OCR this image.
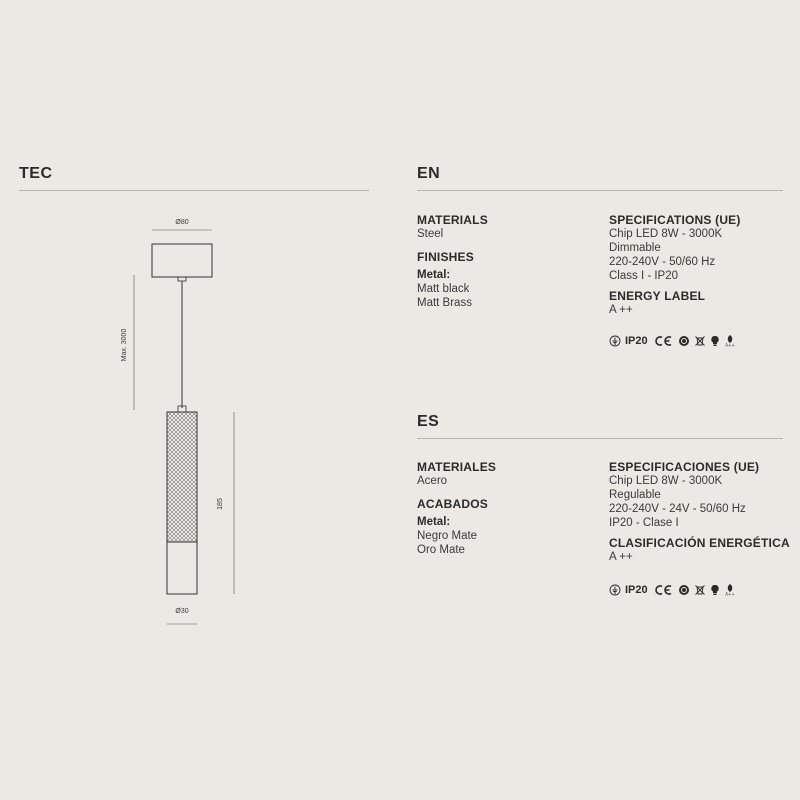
TEC
Ø80
Max. 3000
185
Ø30
EN
MATERIALS
Steel
FINISHES
Metal:
Matt black
Matt Brass
SPECIFICATIONS (UE)
Chip LED 8W - 3000K
Dimmable
220-240V - 50/60 Hz
Class I - IP20
ENERGY LABEL
A ++
IP20	A++
ES
MATERIALES
Acero
ACABADOS
Metal:
Negro Mate
Oro Mate
ESPECIFICACIONES (UE)
Chip LED 8W - 3000K
Regulable
220-240V - 24V - 50/60 Hz
IP20 - Clase I
CLASIFICACIÓN ENERGÉTICA
A ++
IP20	A++
